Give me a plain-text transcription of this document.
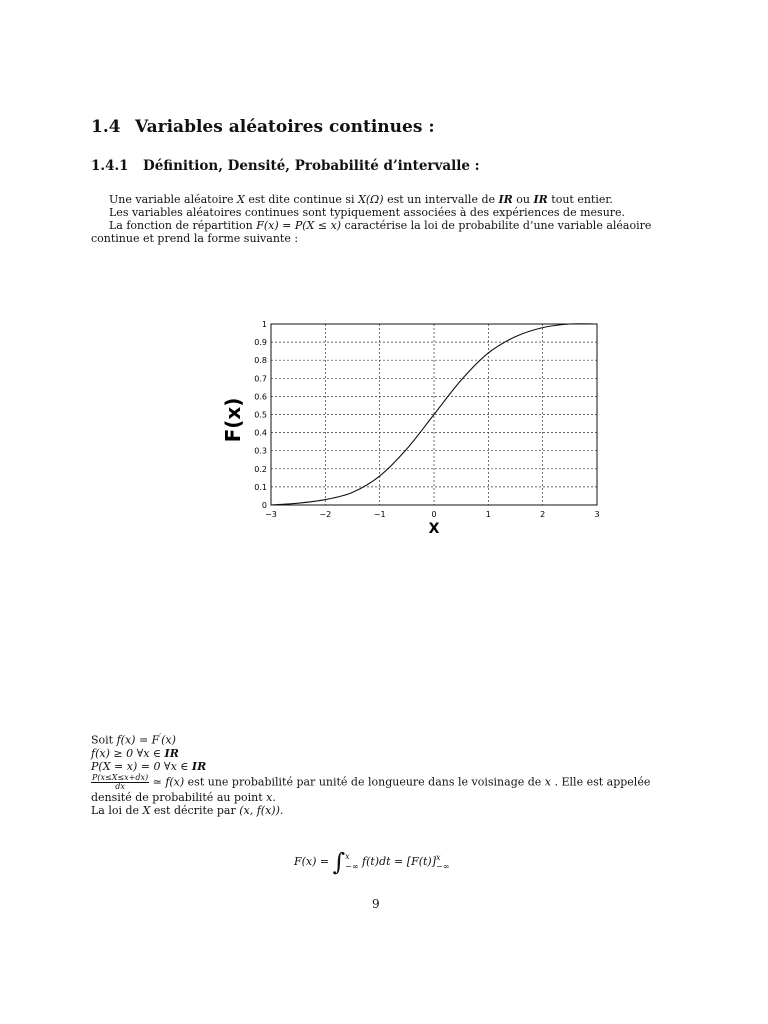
1.4 Variables aléatoires continues :
1.4.1 Définition, Densité, Probabilité d’intervalle :
Une variable aléatoire X est dite continue si X(Ω) est un intervalle de IR ou IR tout entier.
Les variables aléatoires continues sont typiquement associées à des expériences de mesure.
La fonction de répartition F(x) = P(X ≤ x) caractérise la loi de probabilite d’une variable aléaoire
continue et prend la forme suivante :
−3	−2	−1	0	1	2	3
0
0.1
0.2
0.3
0.4
0.5
0.6
0.7
0.8
0.9
1
F(x)
X
Soit f(x) = F′(x)
f(x) ≥ 0 ∀x ∈ IR
P(X = x) = 0 ∀x ∈ IR
$\frac{P(x\le X\le x+dx)}{dx}$ ≃ f(x) est une probabilité par unité de longueure dans le voisinage de x . Elle est appelée
densité de probabilité au point x.
La loi de X est décrite par (x, f(x)).
F(x) = ∫ x
−∞ f(t)dt = [F(t)] x
−∞
9
